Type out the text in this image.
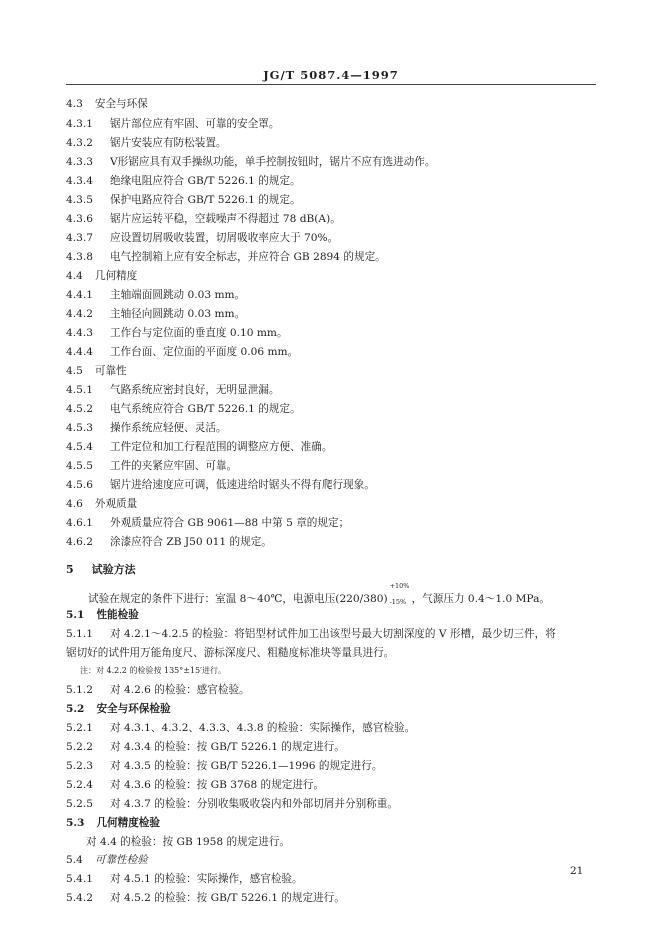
JG/T 5087.4—1997
4.3 安全与环保
4.3.1	锯片部位应有牢固、可靠的安全罩。
4.3.2	锯片安装应有防松装置。
4.3.3	V形锯应具有双手操纵功能，单手控制按钮时，锯片不应有选进动作。
4.3.4	绝缘电阻应符合 GB/T 5226.1 的规定。
4.3.5	保护电路应符合 GB/T 5226.1 的规定。
4.3.6	锯片应运转平稳，空载噪声不得超过 78 dB(A)。
4.3.7	应设置切屑吸收装置，切屑吸收率应大于 70%。
4.3.8	电气控制箱上应有安全标志，并应符合 GB 2894 的规定。
4.4 几何精度
4.4.1	主轴端面圆跳动 0.03 mm。
4.4.2	主轴径向圆跳动 0.03 mm。
4.4.3	工作台与定位面的垂直度 0.10 mm。
4.4.4	工作台面、定位面的平面度 0.06 mm。
4.5 可靠性
4.5.1	气路系统应密封良好，无明显泄漏。
4.5.2	电气系统应符合 GB/T 5226.1 的规定。
4.5.3	操作系统应轻便、灵活。
4.5.4	工件定位和加工行程范围的调整应方便、准确。
4.5.5	工件的夹紧应牢固、可靠。
4.5.6	锯片进给速度应可调，低速进给时锯头不得有爬行现象。
4.6 外观质量
4.6.1	外观质量应符合 GB 9061—88 中第 5 章的规定；
4.6.2	涂漆应符合 ZB J50 011 的规定。
5 试验方法
试验在规定的条件下进行：室温 8～40℃，电源电压(220/380)
+10%
-15% ，气源压力 0.4～1.0 MPa。
5.1 性能检验
5.1.1	对 4.2.1～4.2.5 的检验：将铝型材试件加工出该型号最大切割深度的 V 形槽，最少切三件，将
锯切好的试件用万能角度尺、游标深度尺、粗糙度标准块等量具进行。
注：对 4.2.2 的检验按 135°±15′进行。
5.1.2	对 4.2.6 的检验：感官检验。
5.2 安全与环保检验
5.2.1	对 4.3.1、4.3.2、4.3.3、4.3.8 的检验：实际操作，感官检验。
5.2.2	对 4.3.4 的检验：按 GB/T 5226.1 的规定进行。
5.2.3	对 4.3.5 的检验：按 GB/T 5226.1—1996 的规定进行。
5.2.4	对 4.3.6 的检验：按 GB 3768 的规定进行。
5.2.5	对 4.3.7 的检验：分别收集吸收袋内和外部切屑并分别称重。
5.3 几何精度检验
对 4.4 的检验：按 GB 1958 的规定进行。
5.4 可靠性检验
5.4.1	对 4.5.1 的检验：实际操作，感官检验。
5.4.2	对 4.5.2 的检验：按 GB/T 5226.1 的规定进行。
21
